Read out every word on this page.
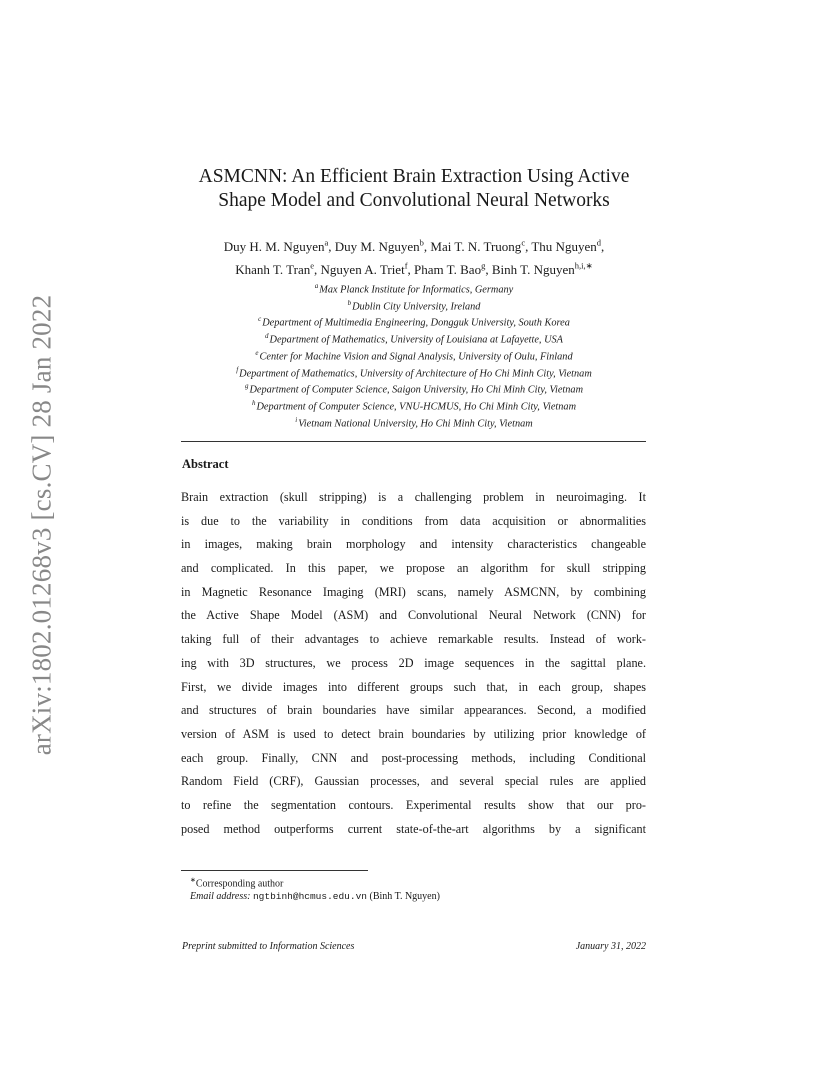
arXiv:1802.01268v3 [cs.CV] 28 Jan 2022
ASMCNN: An Efficient Brain Extraction Using Active
Shape Model and Convolutional Neural Networks
Duy H. M. Nguyen$^a$, Duy M. Nguyen$^b$, Mai T. N. Truong$^c$, Thu Nguyen$^d$,
Khanh T. Tran$^e$, Nguyen A. Triet$^f$, Pham T. Bao$^g$, Binh T. Nguyen$^{h,i,∗}$
$^a$Max Planck Institute for Informatics, Germany
$^b$Dublin City University, Ireland
$^c$Department of Multimedia Engineering, Dongguk University, South Korea
$^d$Department of Mathematics, University of Louisiana at Lafayette, USA
$^e$Center for Machine Vision and Signal Analysis, University of Oulu, Finland
$^f$Department of Mathematics, University of Architecture of Ho Chi Minh City, Vietnam
$^g$Department of Computer Science, Saigon University, Ho Chi Minh City, Vietnam
$^h$Department of Computer Science, VNU-HCMUS, Ho Chi Minh City, Vietnam
$^i$Vietnam National University, Ho Chi Minh City, Vietnam
Abstract
Brain extraction (skull stripping) is a challenging problem in neuroimaging. It
is due to the variability in conditions from data acquisition or abnormalities
in images, making brain morphology and intensity characteristics changeable
and complicated. In this paper, we propose an algorithm for skull stripping
in Magnetic Resonance Imaging (MRI) scans, namely ASMCNN, by combining
the Active Shape Model (ASM) and Convolutional Neural Network (CNN) for
taking full of their advantages to achieve remarkable results. Instead of work-
ing with 3D structures, we process 2D image sequences in the sagittal plane.
First, we divide images into different groups such that, in each group, shapes
and structures of brain boundaries have similar appearances. Second, a modified
version of ASM is used to detect brain boundaries by utilizing prior knowledge of
each group. Finally, CNN and post-processing methods, including Conditional
Random Field (CRF), Gaussian processes, and several special rules are applied
to refine the segmentation contours. Experimental results show that our pro-
posed method outperforms current state-of-the-art algorithms by a significant
∗Corresponding author
Email address: ngtbinh@hcmus.edu.vn (Binh T. Nguyen)
Preprint submitted to Information Sciences	January 31, 2022
